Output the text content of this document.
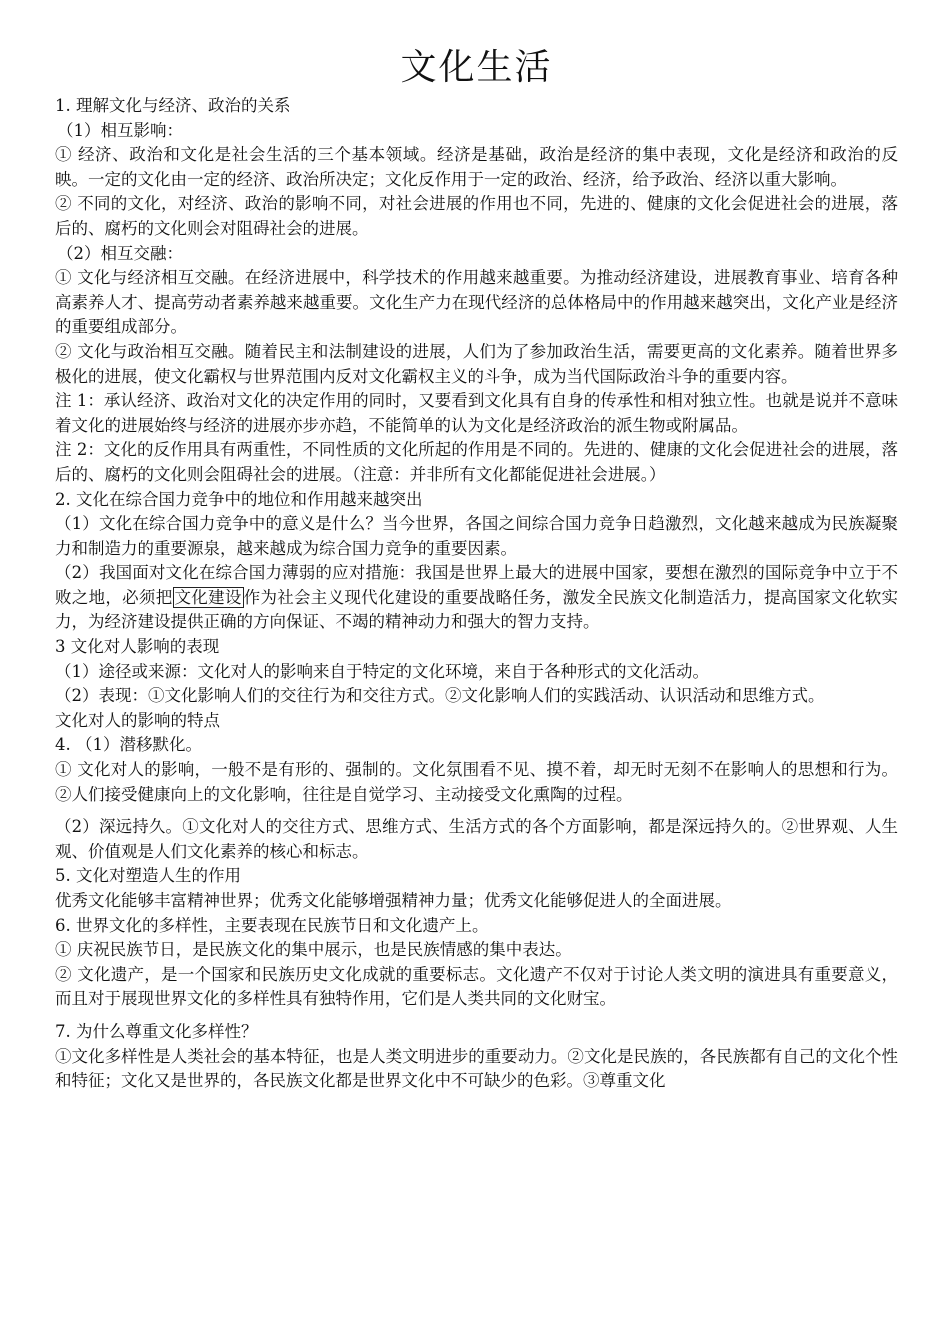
文化生活

1. 理解文化与经济、政治的关系

（1）相互影响：

① 经济、政治和文化是社会生活的三个基本领域。经济是基础，政治是经济的集中表现，文化是经济和政治的反映。一定的文化由一定的经济、政治所决定；文化反作用于一定的政治、经济，给予政治、经济以重大影响。

② 不同的文化，对经济、政治的影响不同，对社会进展的作用也不同，先进的、健康的文化会促进社会的进展，落后的、腐朽的文化则会对阻碍社会的进展。

（2）相互交融：

① 文化与经济相互交融。在经济进展中，科学技术的作用越来越重要。为推动经济建设，进展教育事业、培育各种高素养人才、提高劳动者素养越来越重要。文化生产力在现代经济的总体格局中的作用越来越突出，文化产业是经济的重要组成部分。

② 文化与政治相互交融。随着民主和法制建设的进展，人们为了参加政治生活，需要更高的文化素养。随着世界多极化的进展，使文化霸权与世界范围内反对文化霸权主义的斗争，成为当代国际政治斗争的重要内容。

注 1：承认经济、政治对文化的决定作用的同时，又要看到文化具有自身的传承性和相对独立性。也就是说并不意味着文化的进展始终与经济的进展亦步亦趋，不能简单的认为文化是经济政治的派生物或附属品。

注 2：文化的反作用具有两重性，不同性质的文化所起的作用是不同的。先进的、健康的文化会促进社会的进展，落后的、腐朽的文化则会阻碍社会的进展。（注意：并非所有文化都能促进社会进展。）

2. 文化在综合国力竞争中的地位和作用越来越突出

（1）文化在综合国力竞争中的意义是什么？当今世界，各国之间综合国力竞争日趋激烈，文化越来越成为民族凝聚力和制造力的重要源泉，越来越成为综合国力竞争的重要因素。

（2）我国面对文化在综合国力薄弱的应对措施：我国是世界上最大的进展中国家，要想在激烈的国际竞争中立于不败之地，必须把 文化建设 作为社会主义现代化建设的重要战略任务，激发全民族文化制造活力，提高国家文化软实力，为经济建设提供正确的方向保证、不竭的精神动力和强大的智力支持。

3 文化对人影响的表现

（1）途径或来源：文化对人的影响来自于特定的文化环境，来自于各种形式的文化活动。

（2）表现：①文化影响人们的交往行为和交往方式。②文化影响人们的实践活动、认识活动和思维方式。

文化对人的影响的特点

4. （1）潜移默化。

① 文化对人的影响，一般不是有形的、强制的。文化氛围看不见、摸不着，却无时无刻不在影响人的思想和行为。②人们接受健康向上的文化影响，往往是自觉学习、主动接受文化熏陶的过程。

（2）深远持久。①文化对人的交往方式、思维方式、生活方式的各个方面影响，都是深远持久的。②世界观、人生观、价值观是人们文化素养的核心和标志。

5. 文化对塑造人生的作用

优秀文化能够丰富精神世界；优秀文化能够增强精神力量；优秀文化能够促进人的全面进展。

6. 世界文化的多样性，主要表现在民族节日和文化遗产上。

① 庆祝民族节日，是民族文化的集中展示，也是民族情感的集中表达。

② 文化遗产，是一个国家和民族历史文化成就的重要标志。文化遗产不仅对于讨论人类文明的演进具有重要意义，而且对于展现世界文化的多样性具有独特作用，它们是人类共同的文化财宝。

7. 为什么尊重文化多样性？

①文化多样性是人类社会的基本特征，也是人类文明进步的重要动力。②文化是民族的，各民族都有自己的文化个性和特征；文化又是世界的，各民族文化都是世界文化中不可缺少的色彩。③尊重文化
